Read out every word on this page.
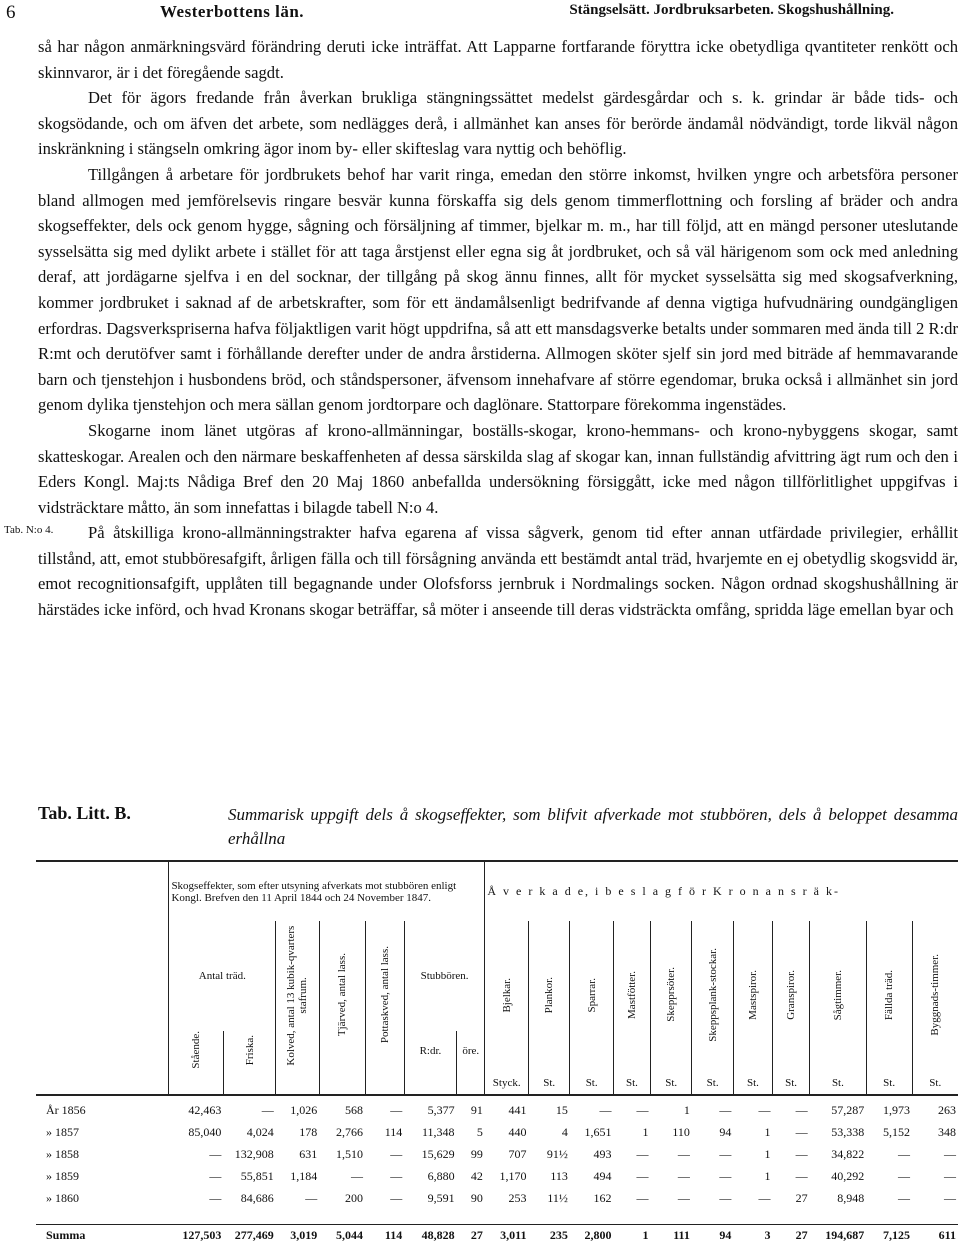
6	Westerbottens län.	Stängselsätt. Jordbruksarbeten. Skogshushållning.

så har någon anmärkningsvärd förändring deruti icke inträffat. Att Lapparne fortfarande föryttra icke obetydliga qvantiteter renkött och skinnvaror, är i det föregående sagdt.

Det för ägors fredande från åverkan brukliga stängningssättet medelst gärdesgårdar och s. k. grindar är både tids- och skogsödande, och om äfven det arbete, som nedlägges derå, i allmänhet kan anses för berörde ändamål nödvändigt, torde likväl någon inskränkning i stängseln omkring ägor inom by- eller skifteslag vara nyttig och behöflig.

Tillgången å arbetare för jordbrukets behof har varit ringa, emedan den större inkomst, hvilken yngre och arbetsföra personer bland allmogen med jemförelsevis ringare besvär kunna förskaffa sig dels genom timmerflottning och forsling af bräder och andra skogseffekter, dels ock genom hygge, sågning och försäljning af timmer, bjelkar m. m., har till följd, att en mängd personer uteslutande sysselsätta sig med dylikt arbete i stället för att taga årstjenst eller egna sig åt jordbruket, och så väl härigenom som ock med anledning deraf, att jordägarne sjelfva i en del socknar, der tillgång på skog ännu finnes, allt för mycket sysselsätta sig med skogsafverkning, kommer jordbruket i saknad af de arbetskrafter, som för ett ändamålsenligt bedrifvande af denna vigtiga hufvudnäring oundgängligen erfordras. Dagsverkspriserna hafva följaktligen varit högt uppdrifna, så att ett mansdagsverke betalts under sommaren med ända till 2 R:dr R:mt och derutöfver samt i förhållande derefter under de andra årstiderna. Allmogen sköter sjelf sin jord med biträde af hemmavarande barn och tjenstehjon i husbondens bröd, och ståndspersoner, äfvensom innehafvare af större egendomar, bruka också i allmänhet sin jord genom dylika tjenstehjon och mera sällan genom jordtorpare och daglönare. Stattorpare förekomma ingenstädes.

Skogarne inom länet utgöras af krono-allmänningar, boställs-skogar, krono-hemmans- och krono-nybyggens skogar, samt skatteskogar. Arealen och den närmare beskaffenheten af dessa särskilda slag af skogar kan, innan fullständig afvittring ägt rum och den i Eders Kongl. Maj:ts Nådiga Bref den 20 Maj 1860 anbefallda undersökning försiggått, icke med någon tillförlitlighet uppgifvas i vidsträcktare måtto, än som innefattas i bilagde tabell N:o 4.

På åtskilliga krono-allmänningstrakter hafva egarena af vissa sågverk, genom tid efter annan utfärdade privilegier, erhållit tillstånd, att, emot stubböresafgift, årligen fälla och till försågning använda ett bestämdt antal träd, hvarjemte en ej obetydlig skogsvidd är, emot recognitionsafgift, upplåten till begagnande under Olofsforss jernbruk i Nordmalings socken. Någon ordnad skogshushållning är härstädes icke införd, och hvad Kronans skogar beträffar, så möter i anseende till deras vidsträckta omfång, spridda läge emellan byar och

Tab. N:o 4.
Tab. Litt. B.	Summarisk uppgift dels å skogseffekter, som blifvit afverkade mot stubbören, dels å beloppet desamma erhållna
	Skogseffekter, som efter utsyning afverkats mot stubbören enligt Kongl. Brefven den 11 April 1844 och 24 November 1847.							Å v e r k a d e, i b e s l a g f ö r K r o n a n s r ä k-										
	Antal träd.		Kolved, antal 13 kubik-qvarters stafrum.	Tjärved, antal lass.	Pottaskved, antal lass.	Stubbören.		Bjelkar.	Plankor.	Sparrar.	Mastfötter.	Skepprsöter.	Skeppsplank-stockar.	Mastspiror.	Granspiror.	Sågtimmer.	Fällda träd.	Byggnads-timmer.
	Stående.	Friska.				R:dr.	öre.											
								Styck.	St.	St.	St.	St.	St.	St.	St.	St.	St.	St.

År 1856	42,463	—	1,026	568	—	5,377	91	441	15	—	—	1	—	—	—	57,287	1,973	263
» 1857	85,040	4,024	178	2,766	114	11,348	5	440	4	1,651	1	110	94	1	—	53,338	5,152	348
» 1858	—	132,908	631	1,510	—	15,629	99	707	91½	493	—	—	—	1	—	34,822	—	—
» 1859	—	55,851	1,184	—	—	6,880	42	1,170	113	494	—	—	—	1	—	40,292	—	—
» 1860	—	84,686	—	200	—	9,591	90	253	11½	162	—	—	—	—	27	8,948	—	—

Summa	127,503	277,469	3,019	5,044	114	48,828	27	3,011	235	2,800	1	111	94	3	27	194,687	7,125	611
